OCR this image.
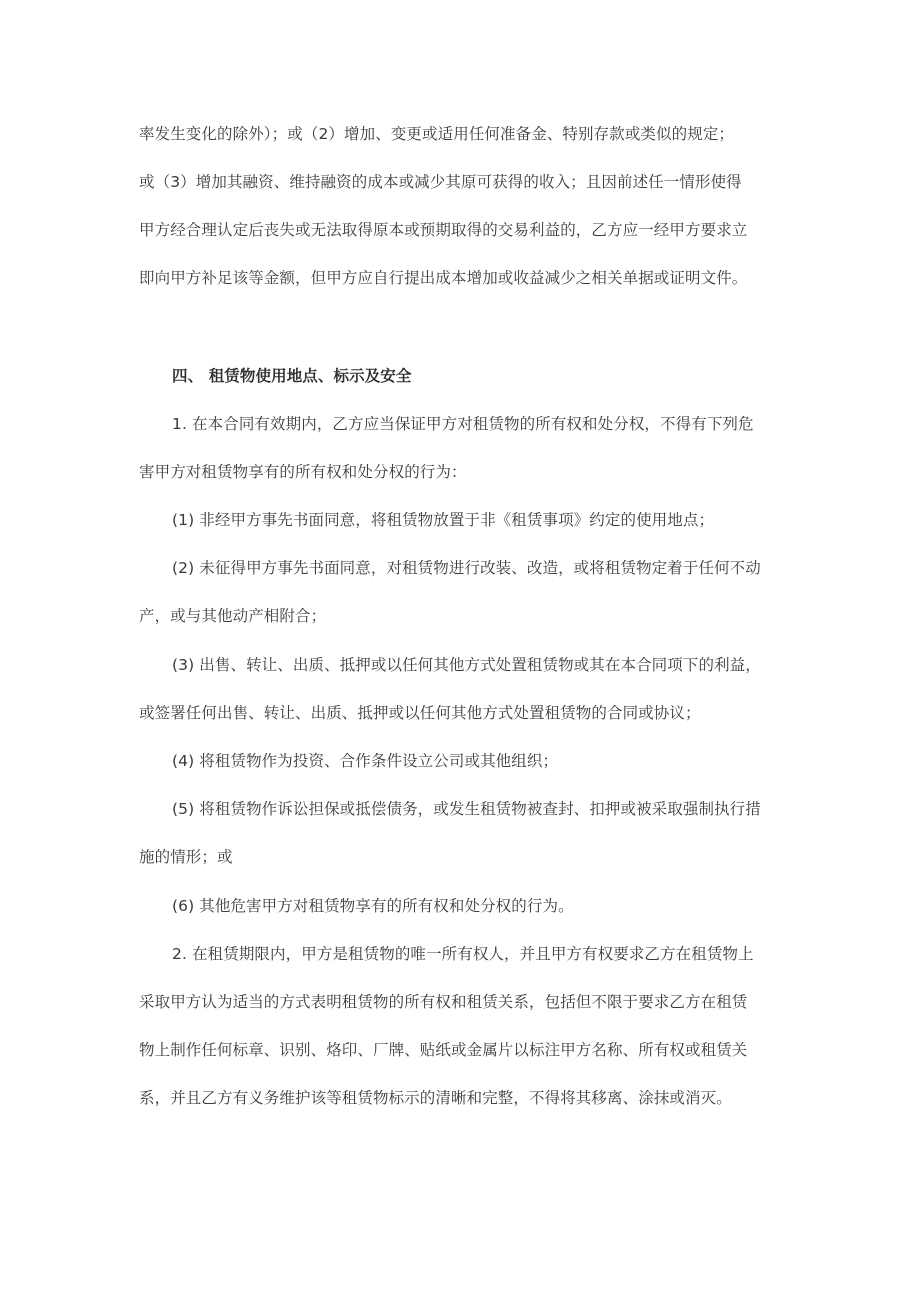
率发生变化的除外）；或（2）增加、变更或适用任何准备金、特别存款或类似的规定；
或（3）增加其融资、维持融资的成本或减少其原可获得的收入；且因前述任一情形使得
甲方经合理认定后丧失或无法取得原本或预期取得的交易利益的，乙方应一经甲方要求立
即向甲方补足该等金额，但甲方应自行提出成本增加或收益减少之相关单据或证明文件。
四、 租赁物使用地点、标示及安全
1. 在本合同有效期内，乙方应当保证甲方对租赁物的所有权和处分权，不得有下列危
害甲方对租赁物享有的所有权和处分权的行为：
(1) 非经甲方事先书面同意，将租赁物放置于非《租赁事项》约定的使用地点；
(2) 未征得甲方事先书面同意，对租赁物进行改装、改造，或将租赁物定着于任何不动
产，或与其他动产相附合；
(3) 出售、转让、出质、抵押或以任何其他方式处置租赁物或其在本合同项下的利益，
或签署任何出售、转让、出质、抵押或以任何其他方式处置租赁物的合同或协议；
(4) 将租赁物作为投资、合作条件设立公司或其他组织；
(5) 将租赁物作诉讼担保或抵偿债务，或发生租赁物被查封、扣押或被采取强制执行措
施的情形；或
(6) 其他危害甲方对租赁物享有的所有权和处分权的行为。
2. 在租赁期限内，甲方是租赁物的唯一所有权人，并且甲方有权要求乙方在租赁物上
采取甲方认为适当的方式表明租赁物的所有权和租赁关系，包括但不限于要求乙方在租赁
物上制作任何标章、识别、烙印、厂牌、贴纸或金属片以标注甲方名称、所有权或租赁关
系，并且乙方有义务维护该等租赁物标示的清晰和完整，不得将其移离、涂抹或消灭。
